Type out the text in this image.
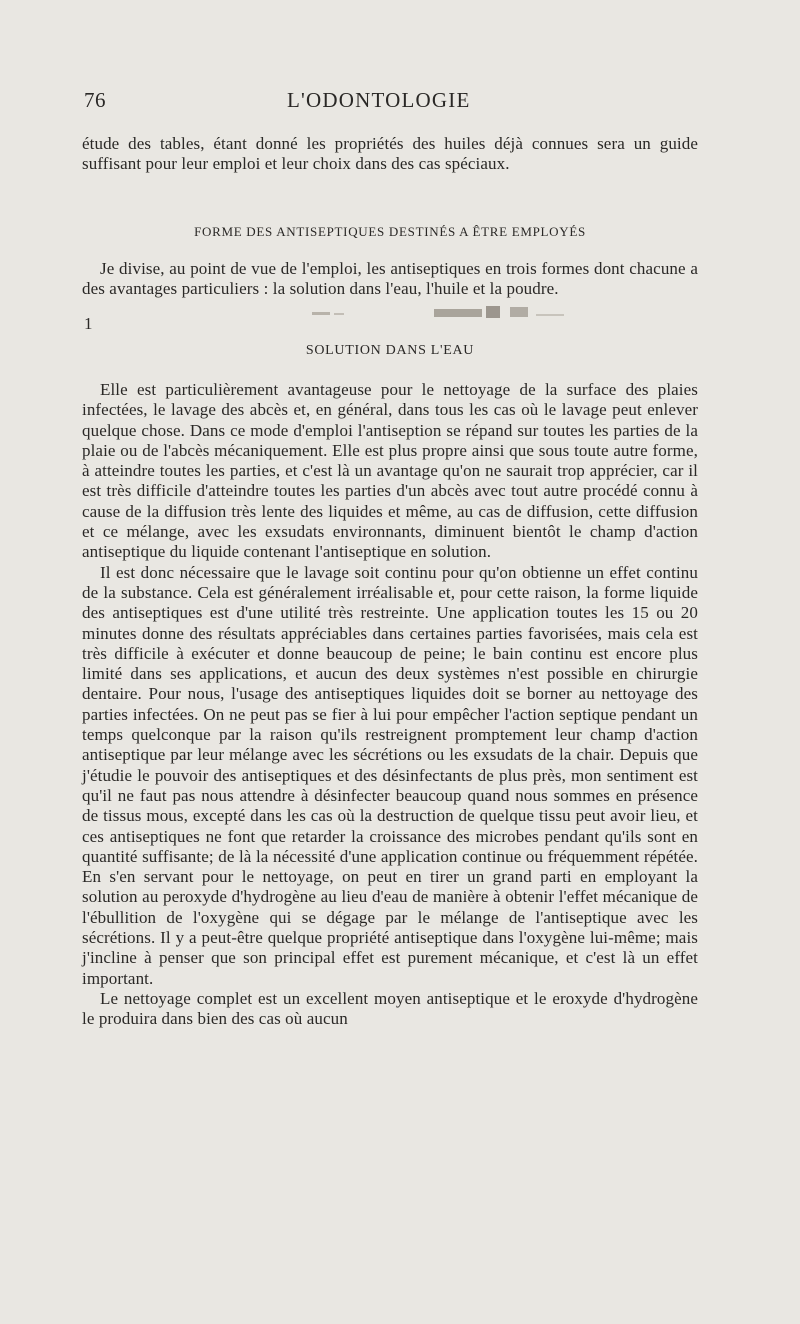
76	L'ODONTOLOGIE

étude des tables, étant donné les propriétés des huiles déjà connues sera un guide suffisant pour leur emploi et leur choix dans des cas spéciaux.

FORME DES ANTISEPTIQUES DESTINÉS A ÊTRE EMPLOYÉS

Je divise, au point de vue de l'emploi, les antiseptiques en trois formes dont chacune a des avantages particuliers : la solution dans l'eau, l'huile et la poudre.

1
SOLUTION DANS L'EAU

Elle est particulièrement avantageuse pour le nettoyage de la surface des plaies infectées, le lavage des abcès et, en général, dans tous les cas où le lavage peut enlever quelque chose. Dans ce mode d'emploi l'antiseption se répand sur toutes les parties de la plaie ou de l'abcès mécaniquement. Elle est plus propre ainsi que sous toute autre forme, à atteindre toutes les parties, et c'est là un avantage qu'on ne saurait trop apprécier, car il est très difficile d'atteindre toutes les parties d'un abcès avec tout autre procédé connu à cause de la diffusion très lente des liquides et même, au cas de diffusion, cette diffusion et ce mélange, avec les exsudats environnants, diminuent bientôt le champ d'action antiseptique du liquide contenant l'antiseptique en solution.

Il est donc nécessaire que le lavage soit continu pour qu'on obtienne un effet continu de la substance. Cela est généralement irréalisable et, pour cette raison, la forme liquide des antiseptiques est d'une utilité très restreinte. Une application toutes les 15 ou 20 minutes donne des résultats appréciables dans certaines parties favorisées, mais cela est très difficile à exécuter et donne beaucoup de peine; le bain continu est encore plus limité dans ses applications, et aucun des deux systèmes n'est possible en chirurgie dentaire. Pour nous, l'usage des antiseptiques liquides doit se borner au nettoyage des parties infectées. On ne peut pas se fier à lui pour empêcher l'action septique pendant un temps quelconque par la raison qu'ils restreignent promptement leur champ d'action antiseptique par leur mélange avec les sécrétions ou les exsudats de la chair. Depuis que j'étudie le pouvoir des antiseptiques et des désinfectants de plus près, mon sentiment est qu'il ne faut pas nous attendre à désinfecter beaucoup quand nous sommes en présence de tissus mous, excepté dans les cas où la destruction de quelque tissu peut avoir lieu, et ces antiseptiques ne font que retarder la croissance des microbes pendant qu'ils sont en quantité suffisante; de là la nécessité d'une application continue ou fréquemment répétée. En s'en servant pour le nettoyage, on peut en tirer un grand parti en employant la solution au peroxyde d'hydrogène au lieu d'eau de manière à obtenir l'effet mécanique de l'ébullition de l'oxygène qui se dégage par le mélange de l'antiseptique avec les sécrétions. Il y a peut-être quelque propriété antiseptique dans l'oxygène lui-même; mais j'incline à penser que son principal effet est purement mécanique, et c'est là un effet important.

Le nettoyage complet est un excellent moyen antiseptique et le eroxyde d'hydrogène le produira dans bien des cas où aucun
